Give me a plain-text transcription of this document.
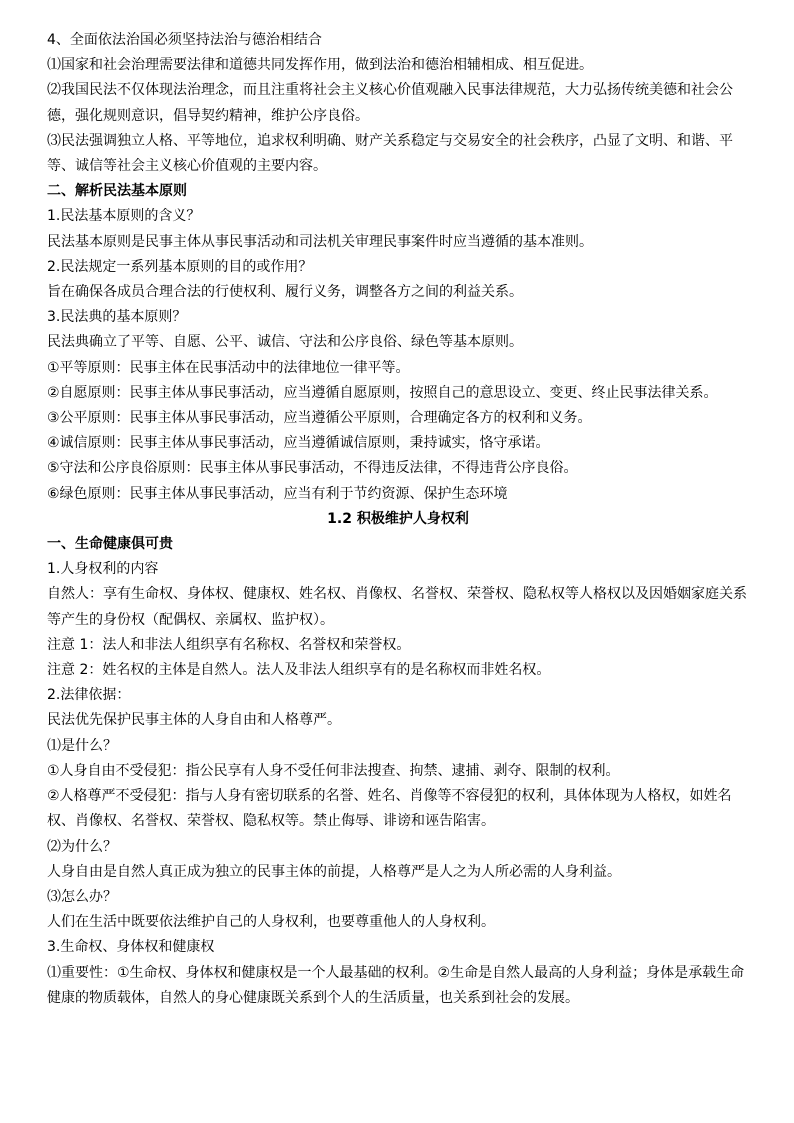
4、全面依法治国必须坚持法治与德治相结合

⑴国家和社会治理需要法律和道德共同发挥作用，做到法治和德治相辅相成、相互促进。

⑵我国民法不仅体现法治理念，而且注重将社会主义核心价值观融入民事法律规范，大力弘扬传统美德和社会公德，强化规则意识，倡导契约精神，维护公序良俗。

⑶民法强调独立人格、平等地位，追求权利明确、财产关系稳定与交易安全的社会秩序，凸显了文明、和谐、平等、诚信等社会主义核心价值观的主要内容。

二、解析民法基本原则

1.民法基本原则的含义？

民法基本原则是民事主体从事民事活动和司法机关审理民事案件时应当遵循的基本准则。

2.民法规定一系列基本原则的目的或作用？

旨在确保各成员合理合法的行使权利、履行义务，调整各方之间的利益关系。

3.民法典的基本原则？

民法典确立了平等、自愿、公平、诚信、守法和公序良俗、绿色等基本原则。

①平等原则：民事主体在民事活动中的法律地位一律平等。

②自愿原则：民事主体从事民事活动，应当遵循自愿原则，按照自己的意思设立、变更、终止民事法律关系。

③公平原则：民事主体从事民事活动，应当遵循公平原则，合理确定各方的权利和义务。

④诚信原则：民事主体从事民事活动，应当遵循诚信原则，秉持诚实，恪守承诺。

⑤守法和公序良俗原则：民事主体从事民事活动，不得违反法律，不得违背公序良俗。

⑥绿色原则：民事主体从事民事活动，应当有利于节约资源、保护生态环境

1.2 积极维护人身权利

一、生命健康俱可贵

1.人身权利的内容

自然人：享有生命权、身体权、健康权、姓名权、肖像权、名誉权、荣誉权、隐私权等人格权以及因婚姻家庭关系等产生的身份权（配偶权、亲属权、监护权）。

注意 1：法人和非法人组织享有名称权、名誉权和荣誉权。

注意 2：姓名权的主体是自然人。法人及非法人组织享有的是名称权而非姓名权。

2.法律依据：

民法优先保护民事主体的人身自由和人格尊严。

⑴是什么？

①人身自由不受侵犯：指公民享有人身不受任何非法搜查、拘禁、逮捕、剥夺、限制的权利。

②人格尊严不受侵犯：指与人身有密切联系的名誉、姓名、肖像等不容侵犯的权利，具体体现为人格权，如姓名权、肖像权、名誉权、荣誉权、隐私权等。禁止侮辱、诽谤和诬告陷害。

⑵为什么？

人身自由是自然人真正成为独立的民事主体的前提，人格尊严是人之为人所必需的人身利益。

⑶怎么办？

人们在生活中既要依法维护自己的人身权利，也要尊重他人的人身权利。

3.生命权、身体权和健康权

⑴重要性：①生命权、身体权和健康权是一个人最基础的权利。②生命是自然人最高的人身利益；身体是承载生命健康的物质载体，自然人的身心健康既关系到个人的生活质量，也关系到社会的发展。
